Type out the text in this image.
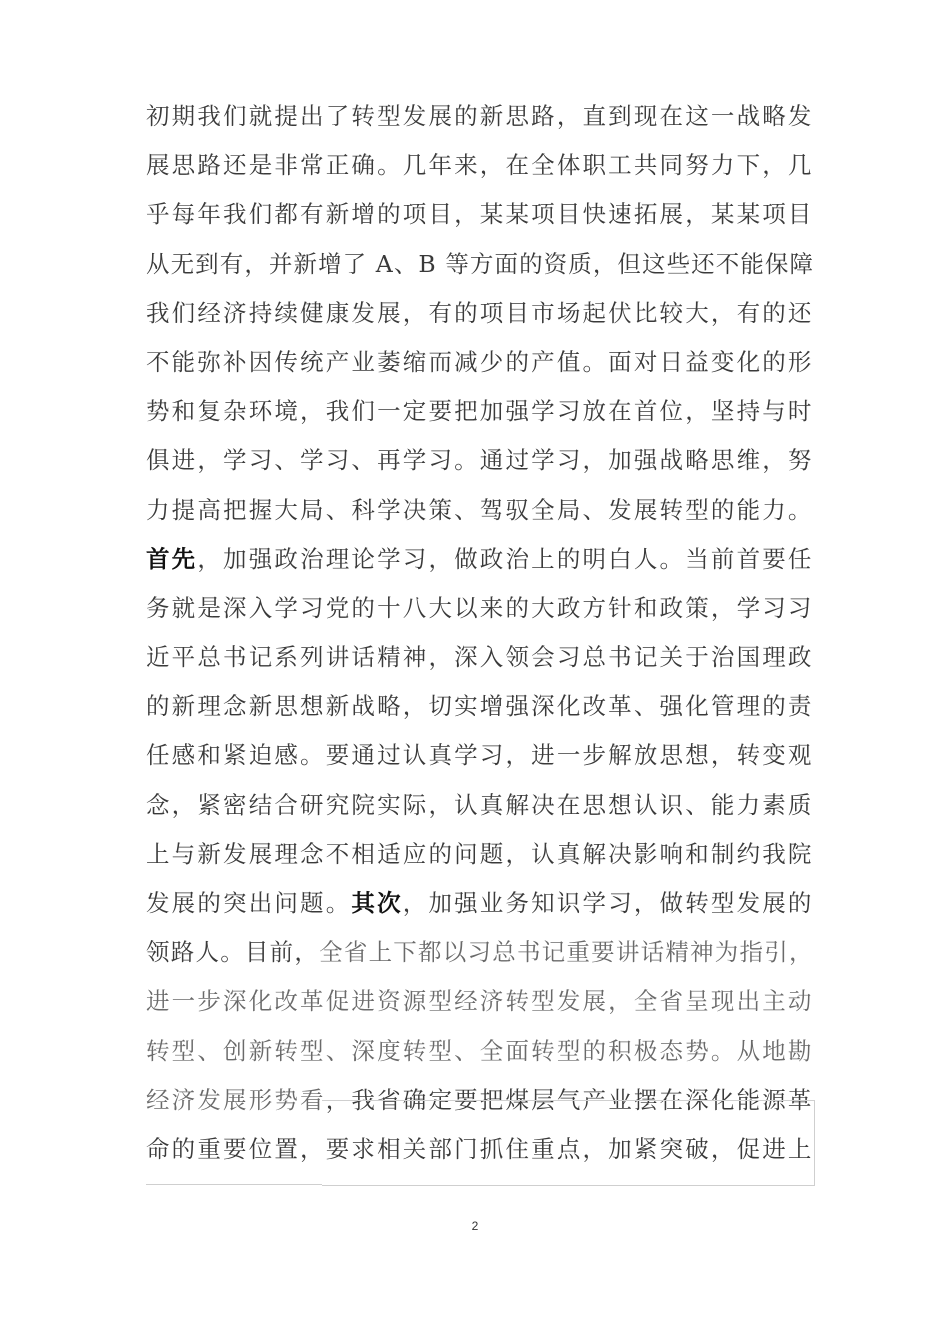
初期我们就提出了转型发展的新思路，直到现在这一战略发
展思路还是非常正确。几年来，在全体职工共同努力下，几
乎每年我们都有新增的项目，某某项目快速拓展，某某项目
从无到有，并新增了 A、B 等方面的资质，但这些还不能保障
我们经济持续健康发展，有的项目市场起伏比较大，有的还
不能弥补因传统产业萎缩而减少的产值。面对日益变化的形
势和复杂环境，我们一定要把加强学习放在首位，坚持与时
俱进，学习、学习、再学习。通过学习，加强战略思维，努
力提高把握大局、科学决策、驾驭全局、发展转型的能力。
首先，加强政治理论学习，做政治上的明白人。当前首要任
务就是深入学习党的十八大以来的大政方针和政策，学习习
近平总书记系列讲话精神，深入领会习总书记关于治国理政
的新理念新思想新战略，切实增强深化改革、强化管理的责
任感和紧迫感。要通过认真学习，进一步解放思想，转变观
念，紧密结合研究院实际，认真解决在思想认识、能力素质
上与新发展理念不相适应的问题，认真解决影响和制约我院
发展的突出问题。其次，加强业务知识学习，做转型发展的
领路人。目前，全省上下都以习总书记重要讲话精神为指引，
进一步深化改革促进资源型经济转型发展，全省呈现出主动
转型、创新转型、深度转型、全面转型的积极态势。从地勘
经济发展形势看，我省确定要把煤层气产业摆在深化能源革
命的重要位置，要求相关部门抓住重点，加紧突破，促进上
2
